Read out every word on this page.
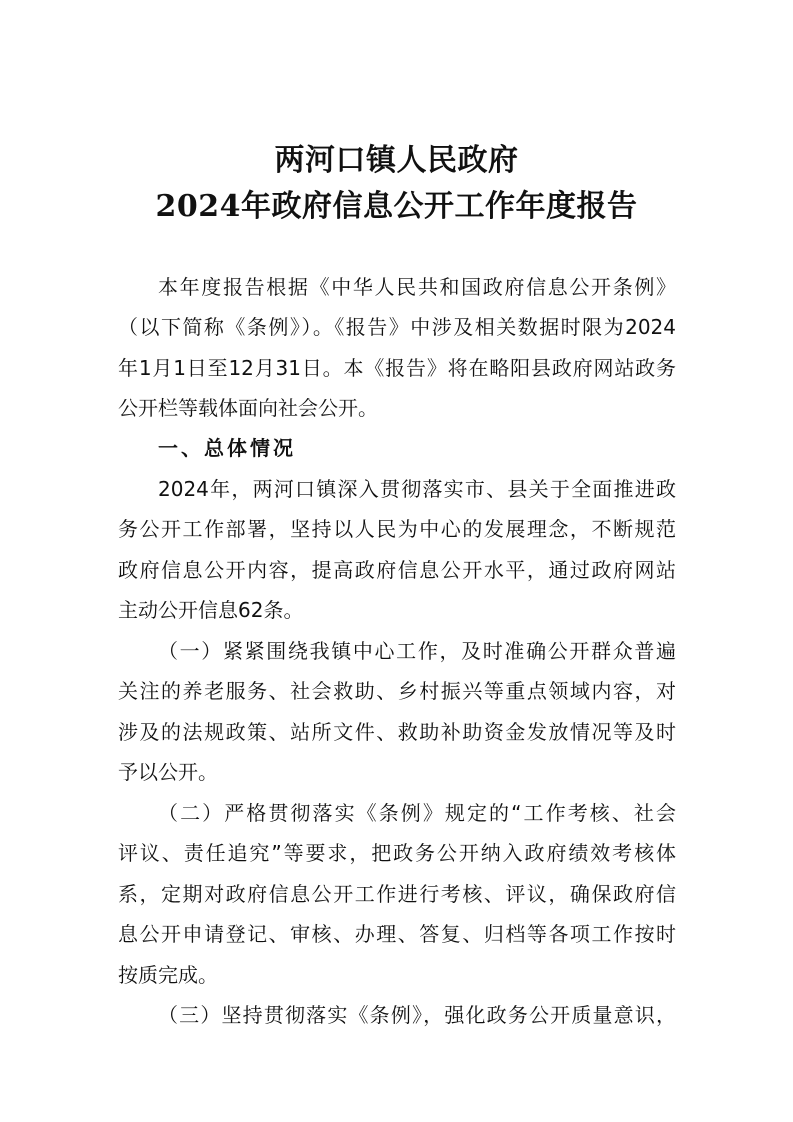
两河口镇人民政府
2024年政府信息公开工作年度报告
本年度报告根据《中华人民共和国政府信息公开条例》
（以下简称《条例》）。《报告》中涉及相关数据时限为2024
年1月1日至12月31日。本《报告》将在略阳县政府网站政务
公开栏等载体面向社会公开。
一、总体情况
2024年，两河口镇深入贯彻落实市、县关于全面推进政
务公开工作部署，坚持以人民为中心的发展理念，不断规范
政府信息公开内容，提高政府信息公开水平，通过政府网站
主动公开信息62条。
（一）紧紧围绕我镇中心工作，及时准确公开群众普遍
关注的养老服务、社会救助、乡村振兴等重点领域内容，对
涉及的法规政策、站所文件、救助补助资金发放情况等及时
予以公开。
（二）严格贯彻落实《条例》规定的“工作考核、社会
评议、责任追究”等要求，把政务公开纳入政府绩效考核体
系，定期对政府信息公开工作进行考核、评议，确保政府信
息公开申请登记、审核、办理、答复、归档等各项工作按时
按质完成。
（三）坚持贯彻落实《条例》，强化政务公开质量意识，
